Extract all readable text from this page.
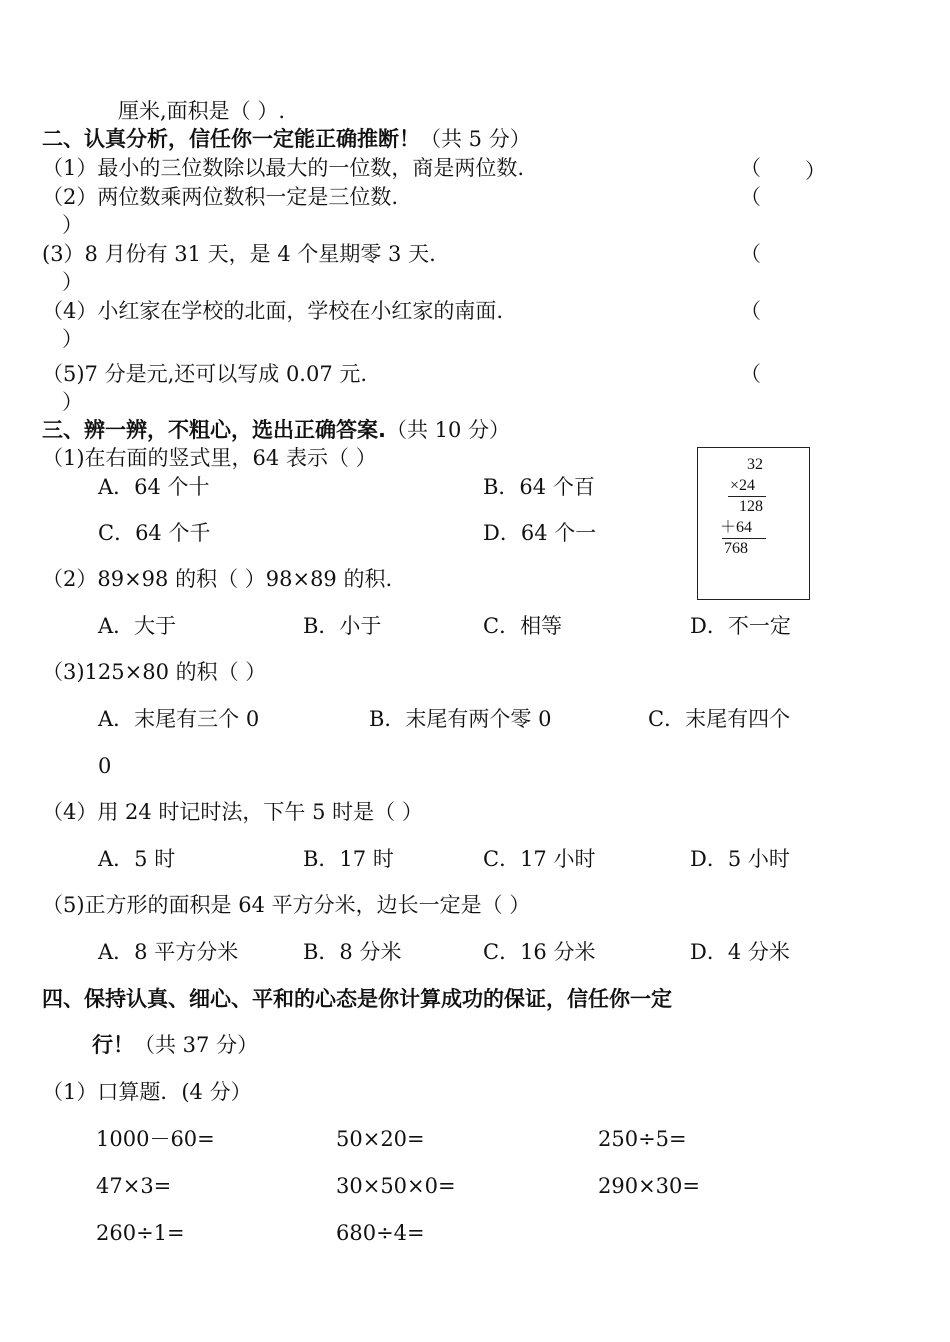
厘米,面积是（ ）.
二、认真分析，信任你一定能正确推断！（共 5 分）
（1）最小的三位数除以最大的一位数，商是两位数.	（ ）
（2）两位数乘两位数积一定是三位数.	（
）
(3）8 月份有 31 天，是 4 个星期零 3 天.	（
）
（4）小红家在学校的北面，学校在小红家的南面.	（
）
（5)7 分是元,还可以写成 0.07 元.	（
）
三、辨一辨，不粗心，选出正确答案.（共 10 分）
（1)在右面的竖式里，64 表示（ ）
A．64 个十	B．64 个百
C．64 个千	D．64 个一
32
×24
128
＋64
768
（2）89×98 的积（ ）98×89 的积.
A．大于	B．小于	C．相等	D．不一定
（3)125×80 的积（ ）
A．末尾有三个 0	B．末尾有两个零 0	C．末尾有四个
0
（4）用 24 时记时法，下午 5 时是（ ）
A．5 时	B．17 时	C．17 小时	D．5 小时
（5)正方形的面积是 64 平方分米，边长一定是（ ）
A．8 平方分米	B．8 分米	C．16 分米	D．4 分米
四、保持认真、细心、平和的心态是你计算成功的保证，信任你一定
行！（共 37 分）
（1）口算题．(4 分）
1000－60=	50×20=	250÷5=
47×3=	30×50×0=	290×30=
260÷1=	680÷4=
